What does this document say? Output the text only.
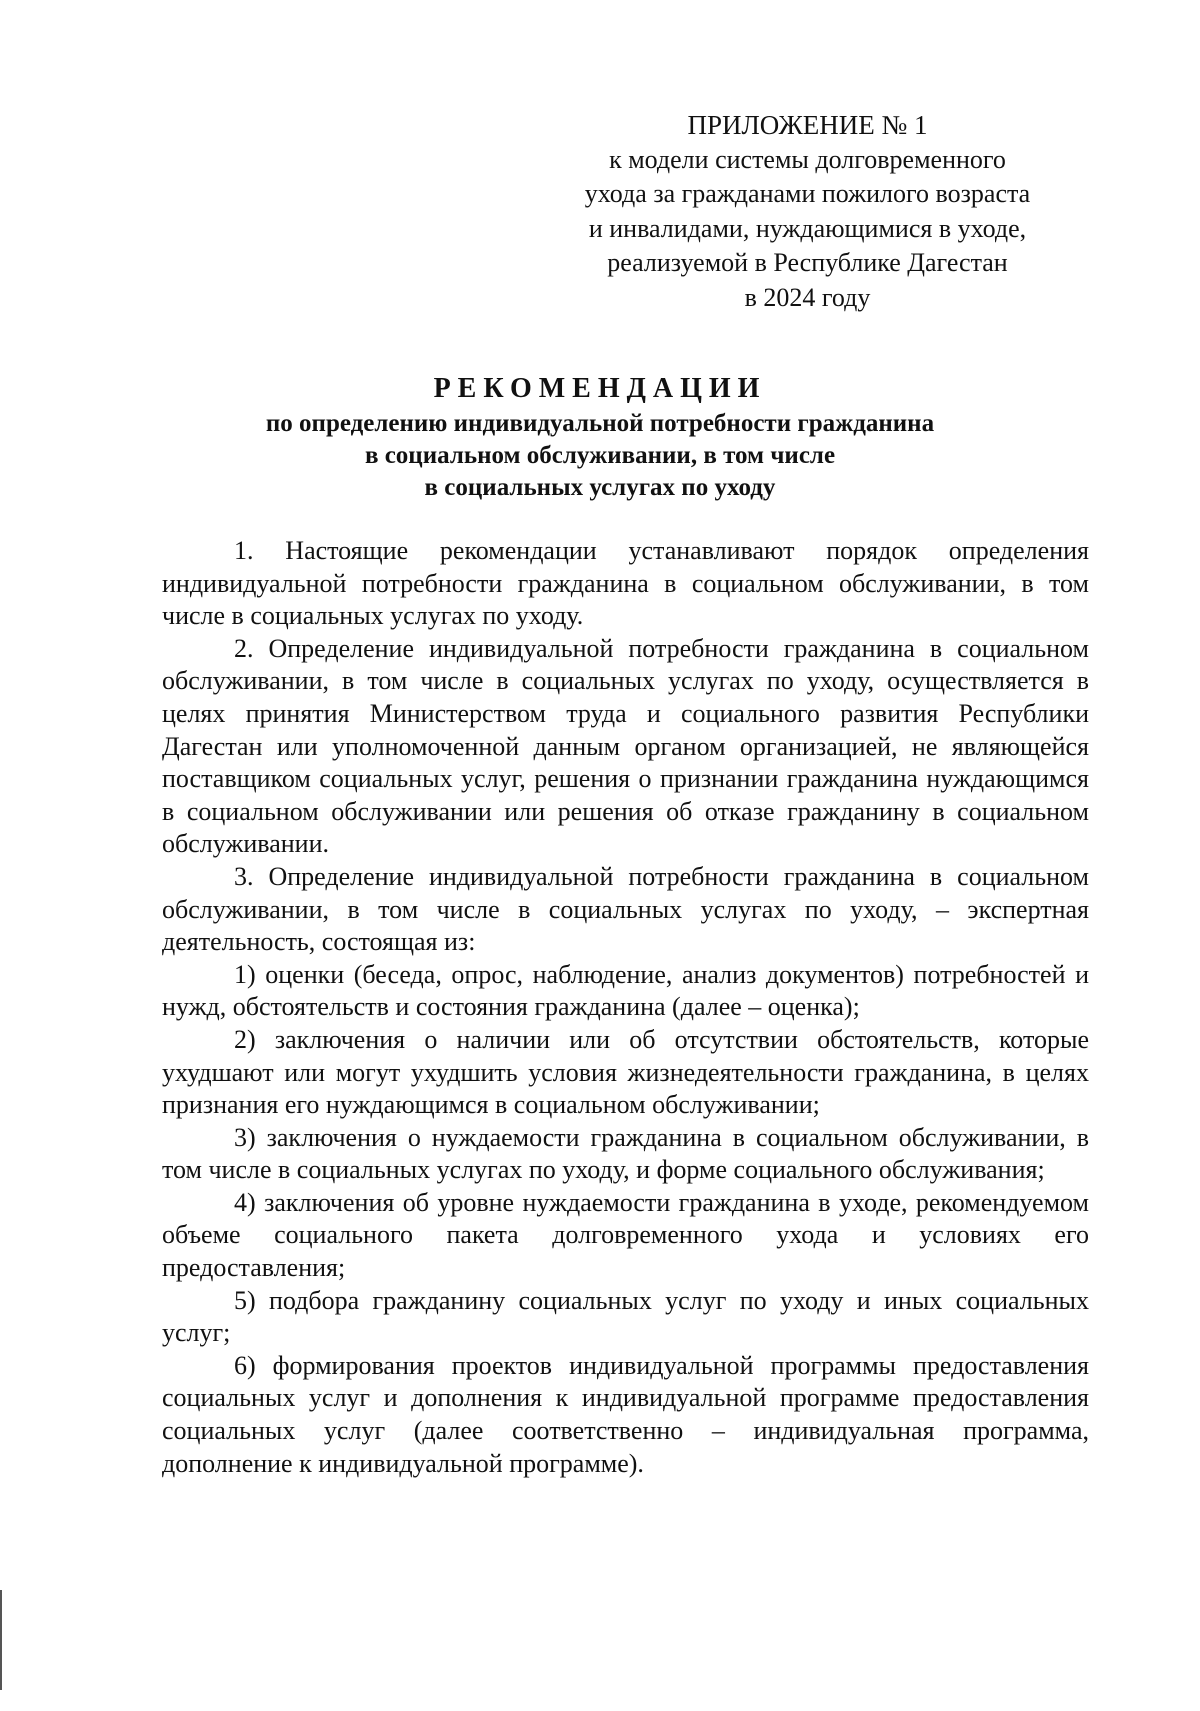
ПРИЛОЖЕНИЕ № 1
к модели системы долговременного
ухода за гражданами пожилого возраста
и инвалидами, нуждающимися в уходе,
реализуемой в Республике Дагестан
в 2024 году
РЕКОМЕНДАЦИИ
по определению индивидуальной потребности гражданина
в социальном обслуживании, в том числе
в социальных услугах по уходу

1. Настоящие рекомендации устанавливают порядок определения индивидуальной потребности гражданина в социальном обслуживании, в том числе в социальных услугах по уходу.

2. Определение индивидуальной потребности гражданина в социальном обслуживании, в том числе в социальных услугах по уходу, осуществляется в целях принятия Министерством труда и социального развития Республики Дагестан или уполномоченной данным органом организацией, не являющейся поставщиком социальных услуг, решения о признании гражданина нуждающимся в социальном обслуживании или решения об отказе гражданину в социальном обслуживании.

3. Определение индивидуальной потребности гражданина в социальном обслуживании, в том числе в социальных услугах по уходу, – экспертная деятельность, состоящая из:

1) оценки (беседа, опрос, наблюдение, анализ документов) потребностей и нужд, обстоятельств и состояния гражданина (далее – оценка);

2) заключения о наличии или об отсутствии обстоятельств, которые ухудшают или могут ухудшить условия жизнедеятельности гражданина, в целях признания его нуждающимся в социальном обслуживании;

3) заключения о нуждаемости гражданина в социальном обслуживании, в том числе в социальных услугах по уходу, и форме социального обслуживания;

4) заключения об уровне нуждаемости гражданина в уходе, рекомендуемом объеме социального пакета долговременного ухода и условиях его предоставления;

5) подбора гражданину социальных услуг по уходу и иных социальных услуг;

6) формирования проектов индивидуальной программы предоставления социальных услуг и дополнения к индивидуальной программе предоставления социальных услуг (далее соответственно – индивидуальная программа, дополнение к индивидуальной программе).
